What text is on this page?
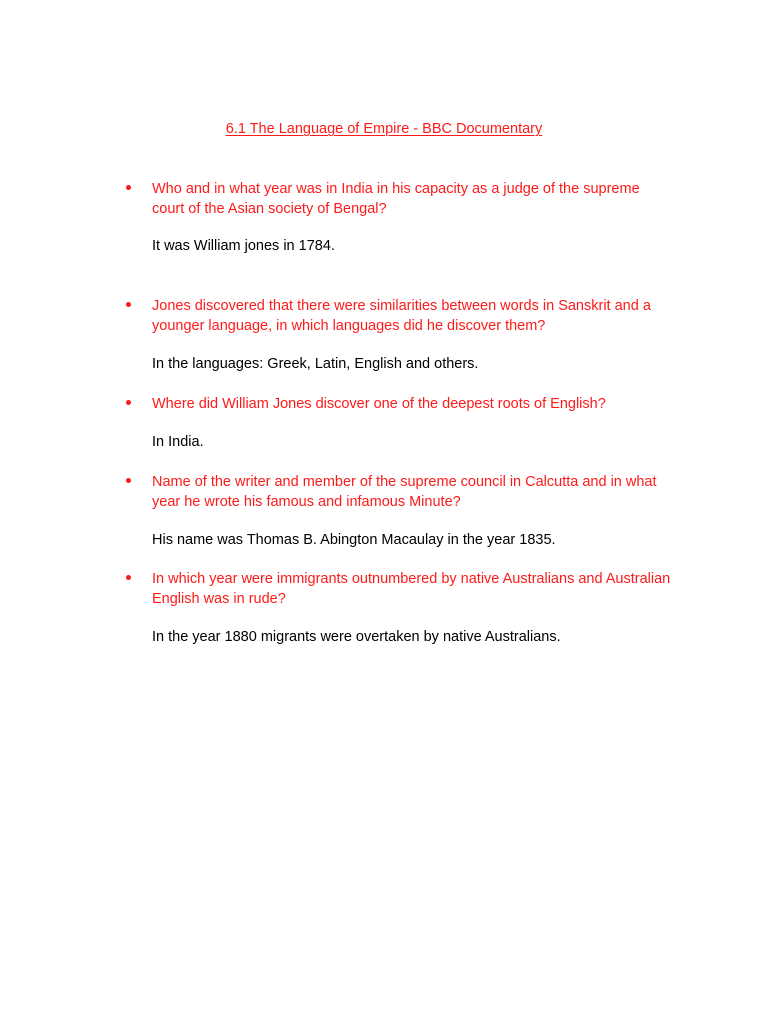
6.1 The Language of Empire - BBC Documentary
Who and in what year was in India in his capacity as a judge of the supreme court of the Asian society of Bengal?
It was William jones in 1784.
Jones discovered that there were similarities between words in Sanskrit and a younger language, in which languages did he discover them?
In the languages: Greek, Latin, English and others.
Where did William Jones discover one of the deepest roots of English?
In India.
Name of the writer and member of the supreme council in Calcutta and in what year he wrote his famous and infamous Minute?
His name was Thomas B. Abington Macaulay in the year 1835.
In which year were immigrants outnumbered by native Australians and Australian English was in rude?
In the year 1880 migrants were overtaken by native Australians.
